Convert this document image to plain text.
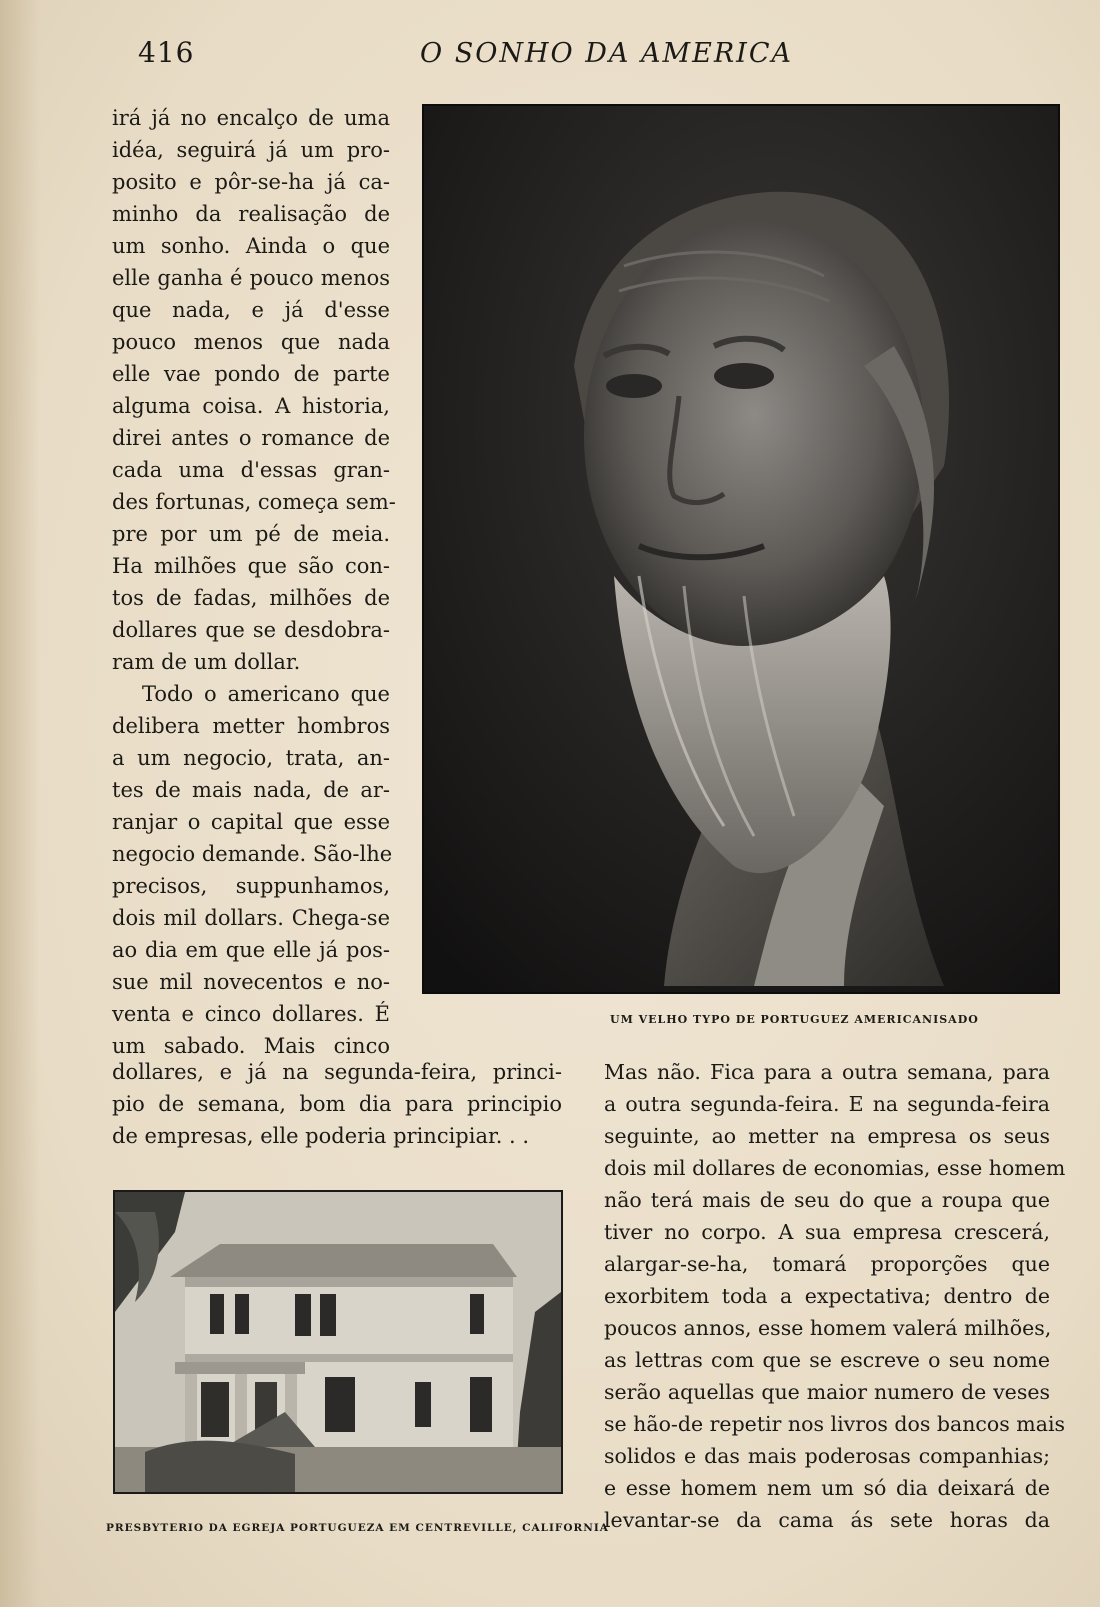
416	O SONHO DA AMERICA
irá já no encalço de uma
idéa, seguirá já um pro-
posito e pôr-se-ha já ca-
minho da realisação de
um sonho. Ainda o que
elle ganha é pouco menos
que nada, e já d'esse
pouco menos que nada
elle vae pondo de parte
alguma coisa. A historia,
direi antes o romance de
cada uma d'essas gran-
des fortunas, começa sem-
pre por um pé de meia.
Ha milhões que são con-
tos de fadas, milhões de
dollares que se desdobra-
ram de um dollar.
Todo o americano que
delibera metter hombros
a um negocio, trata, an-
tes de mais nada, de ar-
ranjar o capital que esse
negocio demande. São-lhe
precisos, suppunhamos,
dois mil dollars. Chega-se
ao dia em que elle já pos-
sue mil novecentos e no-
venta e cinco dollares. É
um sabado. Mais cinco
dollares, e já na segunda-feira, princi-
pio de semana, bom dia para principio
de empresas, elle poderia principiar. . .
UM VELHO TYPO DE PORTUGUEZ AMERICANISADO
PRESBYTERIO DA EGREJA PORTUGUEZA EM CENTREVILLE, CALIFORNIA
Mas não. Fica para a outra semana, para
a outra segunda-feira. E na segunda-feira
seguinte, ao metter na empresa os seus
dois mil dollares de economias, esse homem
não terá mais de seu do que a roupa que
tiver no corpo. A sua empresa crescerá,
alargar-se-ha, tomará proporções que
exorbitem toda a expectativa; dentro de
poucos annos, esse homem valerá milhões,
as lettras com que se escreve o seu nome
serão aquellas que maior numero de veses
se hão-de repetir nos livros dos bancos mais
solidos e das mais poderosas companhias;
e esse homem nem um só dia deixará de
levantar-se da cama ás sete horas da
